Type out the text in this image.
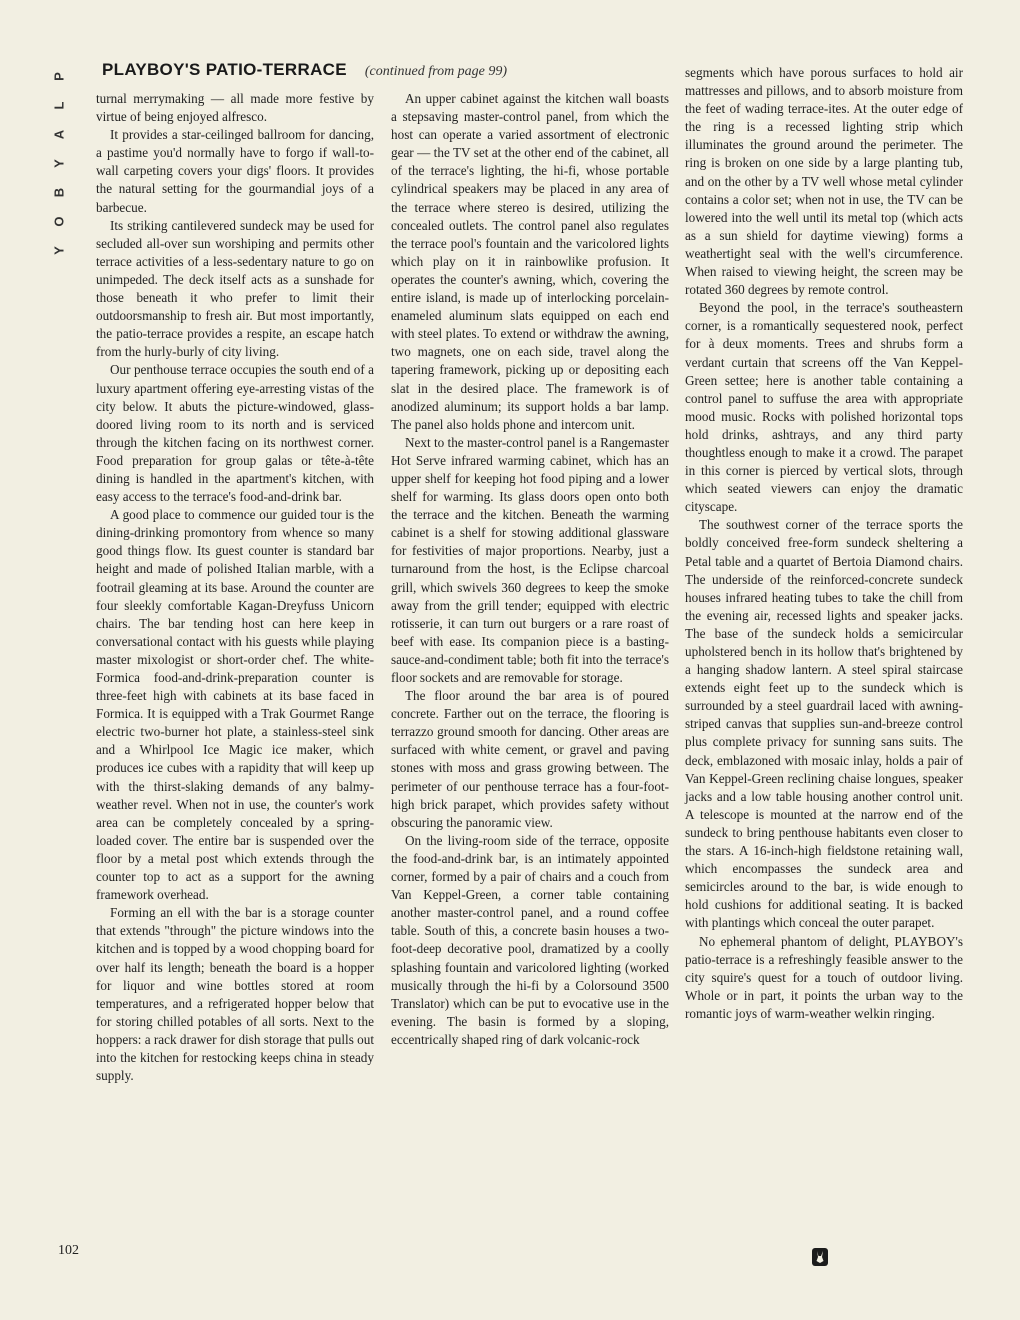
P
L
A
Y
B
O
Y
PLAYBOY'S PATIO-TERRACE (continued from page 99)

turnal merrymaking — all made more festive by virtue of being enjoyed alfresco.

It provides a star-ceilinged ballroom for dancing, a pastime you'd normally have to forgo if wall-to-wall carpeting covers your digs' floors. It provides the natural setting for the gourmandial joys of a barbecue.

Its striking cantilevered sundeck may be used for secluded all-over sun worshiping and permits other terrace activities of a less-sedentary nature to go on unimpeded. The deck itself acts as a sunshade for those beneath it who prefer to limit their outdoorsmanship to fresh air. But most importantly, the patio-terrace provides a respite, an escape hatch from the hurly-burly of city living.

Our penthouse terrace occupies the south end of a luxury apartment offering eye-arresting vistas of the city below. It abuts the picture-windowed, glass-doored living room to its north and is serviced through the kitchen facing on its northwest corner. Food preparation for group galas or tête-à-tête dining is handled in the apartment's kitchen, with easy access to the terrace's food-and-drink bar.

A good place to commence our guided tour is the dining-drinking promontory from whence so many good things flow. Its guest counter is standard bar height and made of polished Italian marble, with a footrail gleaming at its base. Around the counter are four sleekly comfortable Kagan-Dreyfuss Unicorn chairs. The bar tending host can here keep in conversational contact with his guests while playing master mixologist or short-order chef. The white-Formica food-and-drink-preparation counter is three-feet high with cabinets at its base faced in Formica. It is equipped with a Trak Gourmet Range electric two-burner hot plate, a stainless-steel sink and a Whirlpool Ice Magic ice maker, which produces ice cubes with a rapidity that will keep up with the thirst-slaking demands of any balmy-weather revel. When not in use, the counter's work area can be completely concealed by a spring-loaded cover. The entire bar is suspended over the floor by a metal post which extends through the counter top to act as a support for the awning framework overhead.

Forming an ell with the bar is a storage counter that extends "through" the picture windows into the kitchen and is topped by a wood chopping board for over half its length; beneath the board is a hopper for liquor and wine bottles stored at room temperatures, and a refrigerated hopper below that for storing chilled potables of all sorts. Next to the hoppers: a rack drawer for dish storage that pulls out into the kitchen for restocking keeps china in steady supply.

An upper cabinet against the kitchen wall boasts a stepsaving master-control panel, from which the host can operate a varied assortment of electronic gear — the TV set at the other end of the cabinet, all of the terrace's lighting, the hi-fi, whose portable cylindrical speakers may be placed in any area of the terrace where stereo is desired, utilizing the concealed outlets. The control panel also regulates the terrace pool's fountain and the varicolored lights which play on it in rainbowlike profusion. It operates the counter's awning, which, covering the entire island, is made up of interlocking porcelain-enameled aluminum slats equipped on each end with steel plates. To extend or withdraw the awning, two magnets, one on each side, travel along the tapering framework, picking up or depositing each slat in the desired place. The framework is of anodized aluminum; its support holds a bar lamp. The panel also holds phone and intercom unit.

Next to the master-control panel is a Rangemaster Hot Serve infrared warming cabinet, which has an upper shelf for keeping hot food piping and a lower shelf for warming. Its glass doors open onto both the terrace and the kitchen. Beneath the warming cabinet is a shelf for stowing additional glassware for festivities of major proportions. Nearby, just a turnaround from the host, is the Eclipse charcoal grill, which swivels 360 degrees to keep the smoke away from the grill tender; equipped with electric rotisserie, it can turn out burgers or a rare roast of beef with ease. Its companion piece is a basting-sauce-and-condiment table; both fit into the terrace's floor sockets and are removable for storage.

The floor around the bar area is of poured concrete. Farther out on the terrace, the flooring is terrazzo ground smooth for dancing. Other areas are surfaced with white cement, or gravel and paving stones with moss and grass growing between. The perimeter of our penthouse terrace has a four-foot-high brick parapet, which provides safety without obscuring the panoramic view.

On the living-room side of the terrace, opposite the food-and-drink bar, is an intimately appointed corner, formed by a pair of chairs and a couch from Van Keppel-Green, a corner table containing another master-control panel, and a round coffee table. South of this, a concrete basin houses a two-foot-deep decorative pool, dramatized by a coolly splashing fountain and varicolored lighting (worked musically through the hi-fi by a Colorsound 3500 Translator) which can be put to evocative use in the evening. The basin is formed by a sloping, eccentrically shaped ring of dark volcanic-rock

segments which have porous surfaces to hold air mattresses and pillows, and to absorb moisture from the feet of wading terrace-ites. At the outer edge of the ring is a recessed lighting strip which illuminates the ground around the perimeter. The ring is broken on one side by a large planting tub, and on the other by a TV well whose metal cylinder contains a color set; when not in use, the TV can be lowered into the well until its metal top (which acts as a sun shield for daytime viewing) forms a weathertight seal with the well's circumference. When raised to viewing height, the screen may be rotated 360 degrees by remote control.

Beyond the pool, in the terrace's southeastern corner, is a romantically sequestered nook, perfect for à deux moments. Trees and shrubs form a verdant curtain that screens off the Van Keppel-Green settee; here is another table containing a control panel to suffuse the area with appropriate mood music. Rocks with polished horizontal tops hold drinks, ashtrays, and any third party thoughtless enough to make it a crowd. The parapet in this corner is pierced by vertical slots, through which seated viewers can enjoy the dramatic cityscape.

The southwest corner of the terrace sports the boldly conceived free-form sundeck sheltering a Petal table and a quartet of Bertoia Diamond chairs. The underside of the reinforced-concrete sundeck houses infrared heating tubes to take the chill from the evening air, recessed lights and speaker jacks. The base of the sundeck holds a semicircular upholstered bench in its hollow that's brightened by a hanging shadow lantern. A steel spiral staircase extends eight feet up to the sundeck which is surrounded by a steel guardrail laced with awning-striped canvas that supplies sun-and-breeze control plus complete privacy for sunning sans suits. The deck, emblazoned with mosaic inlay, holds a pair of Van Keppel-Green reclining chaise longues, speaker jacks and a low table housing another control unit. A telescope is mounted at the narrow end of the sundeck to bring penthouse habitants even closer to the stars. A 16-inch-high fieldstone retaining wall, which encompasses the sundeck area and semicircles around to the bar, is wide enough to hold cushions for additional seating. It is backed with plantings which conceal the outer parapet.

No ephemeral phantom of delight, PLAYBOY's patio-terrace is a refreshingly feasible answer to the city squire's quest for a touch of outdoor living. Whole or in part, it points the urban way to the romantic joys of warm-weather welkin ringing.

102
